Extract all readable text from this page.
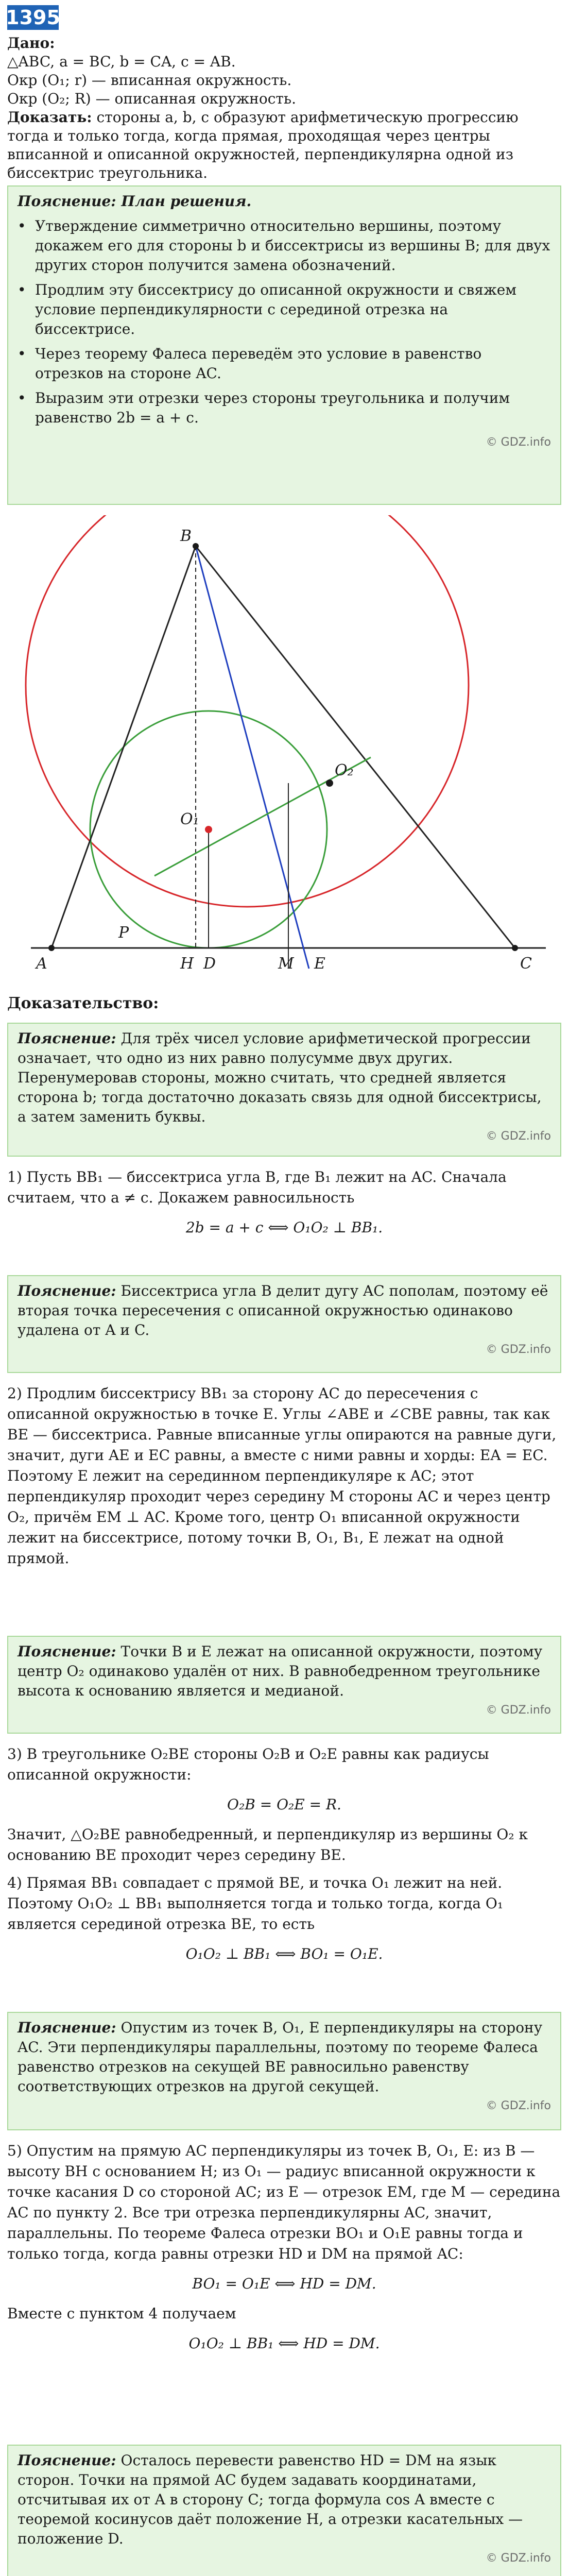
1395
Дано:
△ABC, a = BC, b = CA, c = AB.
Окр (O₁; r) — вписанная окружность.
Окр (O₂; R) — описанная окружность.
Доказать: стороны a, b, c образуют арифметическую прогрессию тогда и только тогда, когда прямая, проходящая через центры вписанной и описанной окружностей, перпендикулярна одной из биссектрис треугольника.
Пояснение: План решения.
• Утверждение симметрично относительно вершины, поэтому докажем его для стороны b и биссектрисы из вершины B; для двух других сторон получится замена обозначений.
• Продлим эту биссектрису до описанной окружности и свяжем условие перпендикулярности с серединой отрезка на биссектрисе.
• Через теорему Фалеса переведём это условие в равенство отрезков на стороне AC.
• Выразим эти отрезки через стороны треугольника и получим равенство 2b = a + c.
© GDZ.info
B
E
O₁
O₂
A	D
H	M	C
P
Доказательство:
Пояснение: Для трёх чисел условие арифметической прогрессии означает, что одно из них равно полусумме двух других. Перенумеровав стороны, можно считать, что средней является сторона b; тогда достаточно доказать связь для одной биссектрисы, а затем заменить буквы.
© GDZ.info
1) Пусть BB₁ — биссектриса угла B, где B₁ лежит на AC. Сначала считаем, что a ≠ c. Докажем равносильность
2b = a + c ⟺ O₁O₂ ⊥ BB₁.
Пояснение: Биссектриса угла B делит дугу AC пополам, поэтому её вторая точка пересечения с описанной окружностью одинаково удалена от A и C.
© GDZ.info
2) Продлим биссектрису BB₁ за сторону AC до пересечения с описанной окружностью в точке E. Углы ∠ABE и ∠CBE равны, так как BE — биссектриса. Равные вписанные углы опираются на равные дуги, значит, дуги AE и EC равны, а вместе с ними равны и хорды: EA = EC. Поэтому E лежит на серединном перпендикуляре к AC; этот перпендикуляр проходит через середину M стороны AC и через центр O₂, причём EM ⊥ AC. Кроме того, центр O₁ вписанной окружности лежит на биссектрисе, потому точки B, O₁, B₁, E лежат на одной прямой.
Пояснение: Точки B и E лежат на описанной окружности, поэтому центр O₂ одинаково удалён от них. В равнобедренном треугольнике высота к основанию является и медианой.
© GDZ.info
3) В треугольнике O₂BE стороны O₂B и O₂E равны как радиусы описанной окружности:
O₂B = O₂E = R.
Значит, △O₂BE равнобедренный, и перпендикуляр из вершины O₂ к основанию BE проходит через середину BE.
4) Прямая BB₁ совпадает с прямой BE, и точка O₁ лежит на ней. Поэтому O₁O₂ ⊥ BB₁ выполняется тогда и только тогда, когда O₁ является серединой отрезка BE, то есть
O₁O₂ ⊥ BB₁ ⟺ BO₁ = O₁E.
Пояснение: Опустим из точек B, O₁, E перпендикуляры на сторону AC. Эти перпендикуляры параллельны, поэтому по теореме Фалеса равенство отрезков на секущей BE равносильно равенству соответствующих отрезков на другой секущей.
© GDZ.info
5) Опустим на прямую AC перпендикуляры из точек B, O₁, E: из B — высоту BH с основанием H; из O₁ — радиус вписанной окружности к точке касания D со стороной AC; из E — отрезок EM, где M — середина AC по пункту 2. Все три отрезка перпендикулярны AC, значит, параллельны. По теореме Фалеса отрезки BO₁ и O₁E равны тогда и только тогда, когда равны отрезки HD и DM на прямой AC:
BO₁ = O₁E ⟺ HD = DM.
Вместе с пунктом 4 получаем
O₁O₂ ⊥ BB₁ ⟺ HD = DM.
Пояснение: Осталось перевести равенство HD = DM на язык сторон. Точки на прямой AC будем задавать координатами, отсчитывая их от A в сторону C; тогда формула cos A вместе с теоремой косинусов даёт положение H, а отрезки касательных — положение D.
© GDZ.info
